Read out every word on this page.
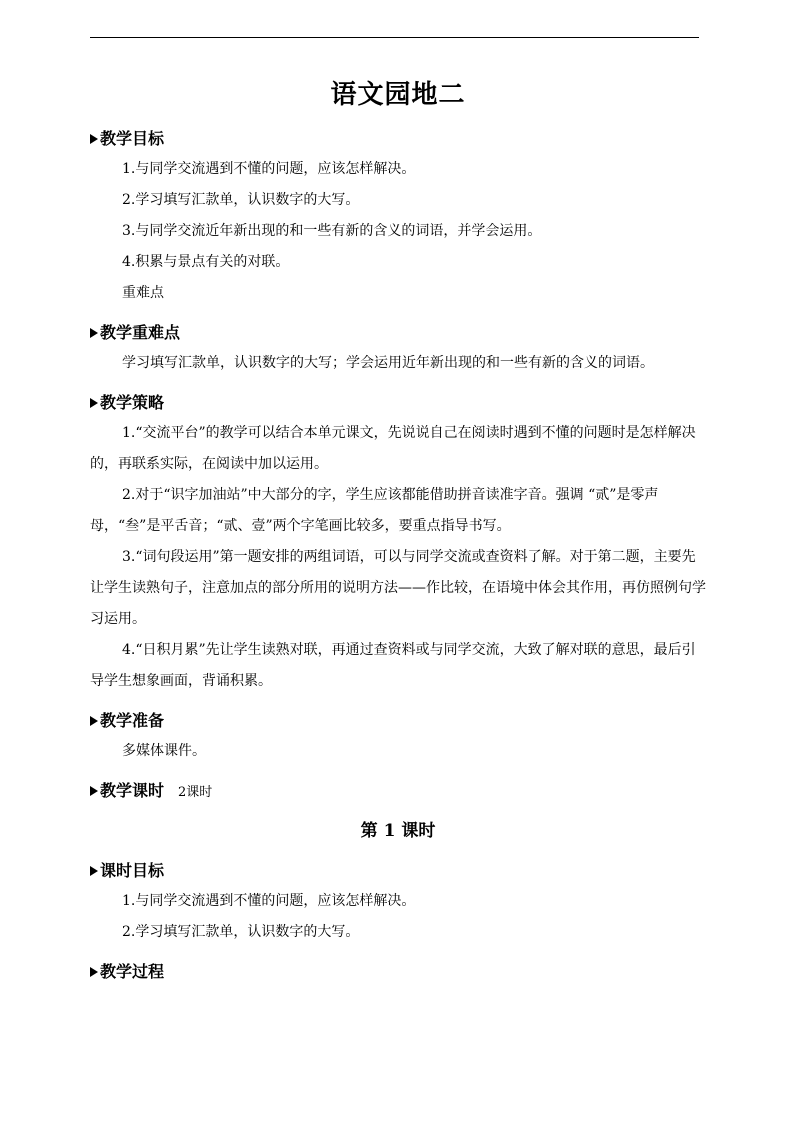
语文园地二
教学目标

1.与同学交流遇到不懂的问题，应该怎样解决。

2.学习填写汇款单，认识数字的大写。

3.与同学交流近年新出现的和一些有新的含义的词语，并学会运用。

4.积累与景点有关的对联。

重难点

教学重难点

学习填写汇款单，认识数字的大写；学会运用近年新出现的和一些有新的含义的词语。

教学策略

1.“交流平台”的教学可以结合本单元课文，先说说自己在阅读时遇到不懂的问题时是怎样解决的，再联系实际，在阅读中加以运用。

2.对于“识字加油站”中大部分的字，学生应该都能借助拼音读准字音。强调 “贰”是零声母，“叁”是平舌音；“贰、壹”两个字笔画比较多，要重点指导书写。

3.“词句段运用”第一题安排的两组词语，可以与同学交流或查资料了解。对于第二题，主要先让学生读熟句子，注意加点的部分所用的说明方法——作比较，在语境中体会其作用，再仿照例句学习运用。

4.“日积月累”先让学生读熟对联，再通过查资料或与同学交流，大致了解对联的意思，最后引导学生想象画面，背诵积累。

教学准备

多媒体课件。

教学课时 2课时
第 1 课时
课时目标

1.与同学交流遇到不懂的问题，应该怎样解决。

2.学习填写汇款单，认识数字的大写。

教学过程
